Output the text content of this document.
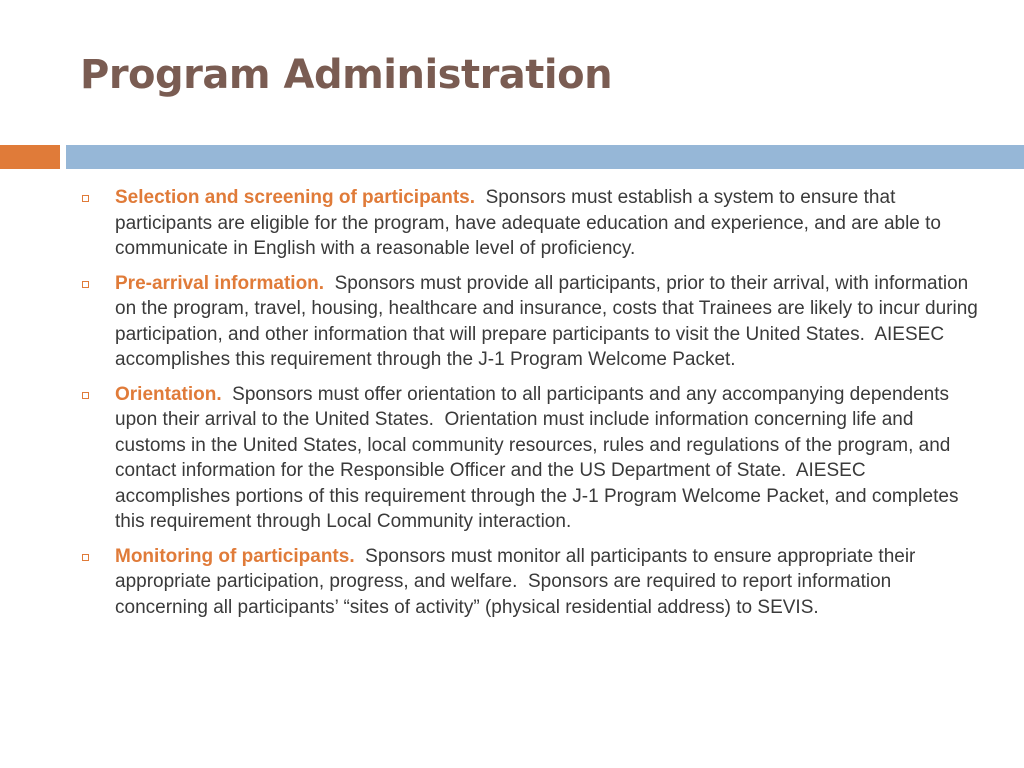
Program Administration
Selection and screening of participants.  Sponsors must establish a system to ensure that participants are eligible for the program, have adequate education and experience, and are able to communicate in English with a reasonable level of proficiency.
Pre-arrival information.  Sponsors must provide all participants, prior to their arrival, with information on the program, travel, housing, healthcare and insurance, costs that Trainees are likely to incur during participation, and other information that will prepare participants to visit the United States.  AIESEC accomplishes this requirement through the J-1 Program Welcome Packet.
Orientation.  Sponsors must offer orientation to all participants and any accompanying dependents upon their arrival to the United States.  Orientation must include information concerning life and customs in the United States, local community resources, rules and regulations of the program, and contact information for the Responsible Officer and the US Department of State.  AIESEC accomplishes portions of this requirement through the J-1 Program Welcome Packet, and completes this requirement through Local Community interaction.
Monitoring of participants.  Sponsors must monitor all participants to ensure appropriate their appropriate participation, progress, and welfare.  Sponsors are required to report information concerning all participants’ “sites of activity” (physical residential address) to SEVIS.
